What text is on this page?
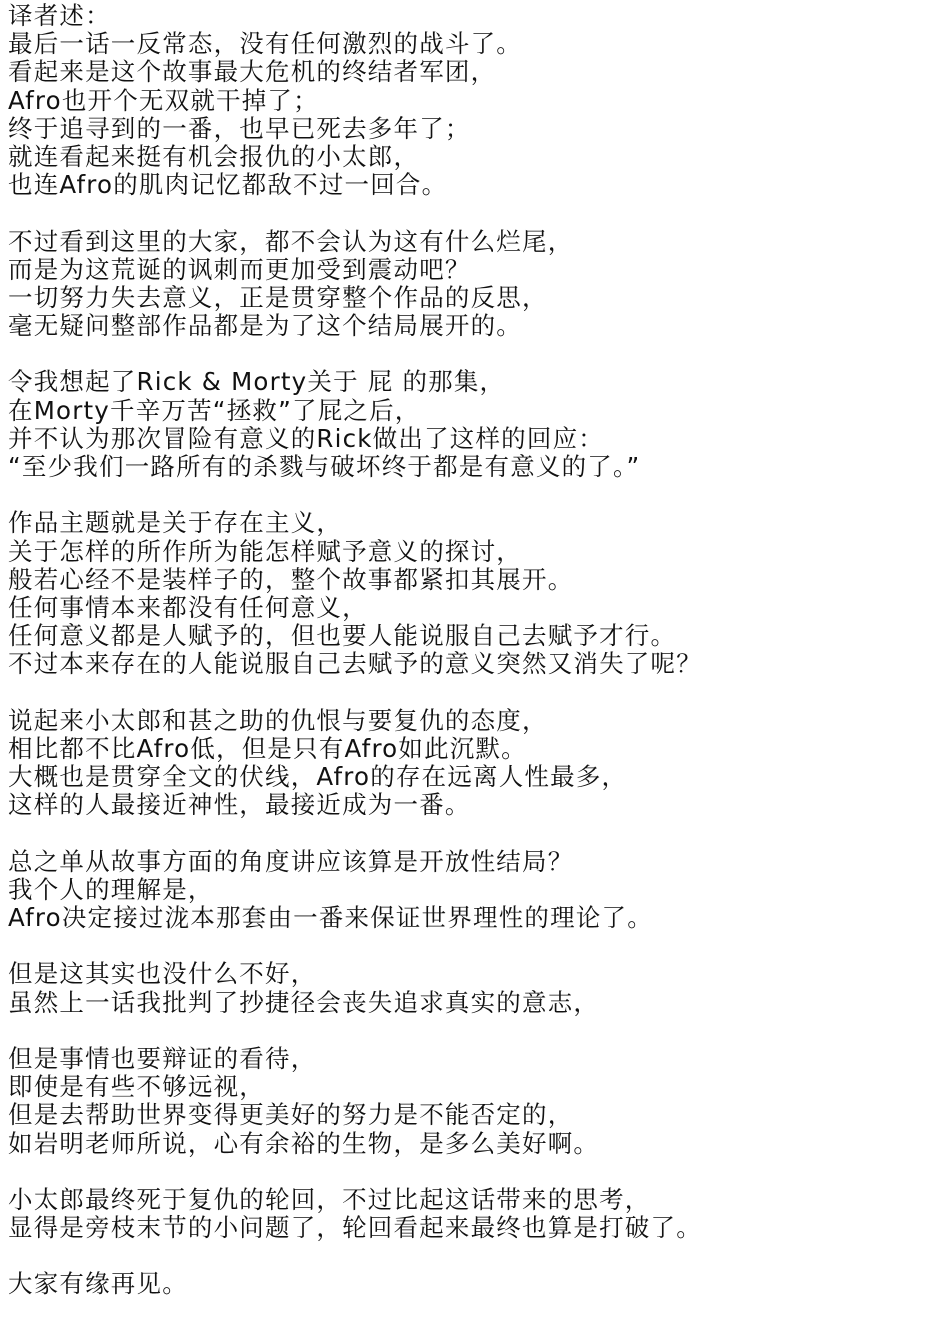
译者述：
最后一话一反常态，没有任何激烈的战斗了。
看起来是这个故事最大危机的终结者军团，
Afro也开个无双就干掉了；
终于追寻到的一番，也早已死去多年了；
就连看起来挺有机会报仇的小太郎，
也连Afro的肌肉记忆都敌不过一回合。
不过看到这里的大家，都不会认为这有什么烂尾，
而是为这荒诞的讽刺而更加受到震动吧？
一切努力失去意义，正是贯穿整个作品的反思，
毫无疑问整部作品都是为了这个结局展开的。
令我想起了Rick & Morty关于 屁 的那集，
在Morty千辛万苦“拯救”了屁之后，
并不认为那次冒险有意义的Rick做出了这样的回应：
“至少我们一路所有的杀戮与破坏终于都是有意义的了。”
作品主题就是关于存在主义，
关于怎样的所作所为能怎样赋予意义的探讨，
般若心经不是装样子的，整个故事都紧扣其展开。
任何事情本来都没有任何意义，
任何意义都是人赋予的，但也要人能说服自己去赋予才行。
不过本来存在的人能说服自己去赋予的意义突然又消失了呢？
说起来小太郎和甚之助的仇恨与要复仇的态度，
相比都不比Afro低，但是只有Afro如此沉默。
大概也是贯穿全文的伏线，Afro的存在远离人性最多，
这样的人最接近神性，最接近成为一番。
总之单从故事方面的角度讲应该算是开放性结局？
我个人的理解是，
Afro决定接过泷本那套由一番来保证世界理性的理论了。
但是这其实也没什么不好，
虽然上一话我批判了抄捷径会丧失追求真实的意志，
但是事情也要辩证的看待，
即使是有些不够远视，
但是去帮助世界变得更美好的努力是不能否定的，
如岩明老师所说，心有余裕的生物，是多么美好啊。
小太郎最终死于复仇的轮回，不过比起这话带来的思考，
显得是旁枝末节的小问题了，轮回看起来最终也算是打破了。
大家有缘再见。
